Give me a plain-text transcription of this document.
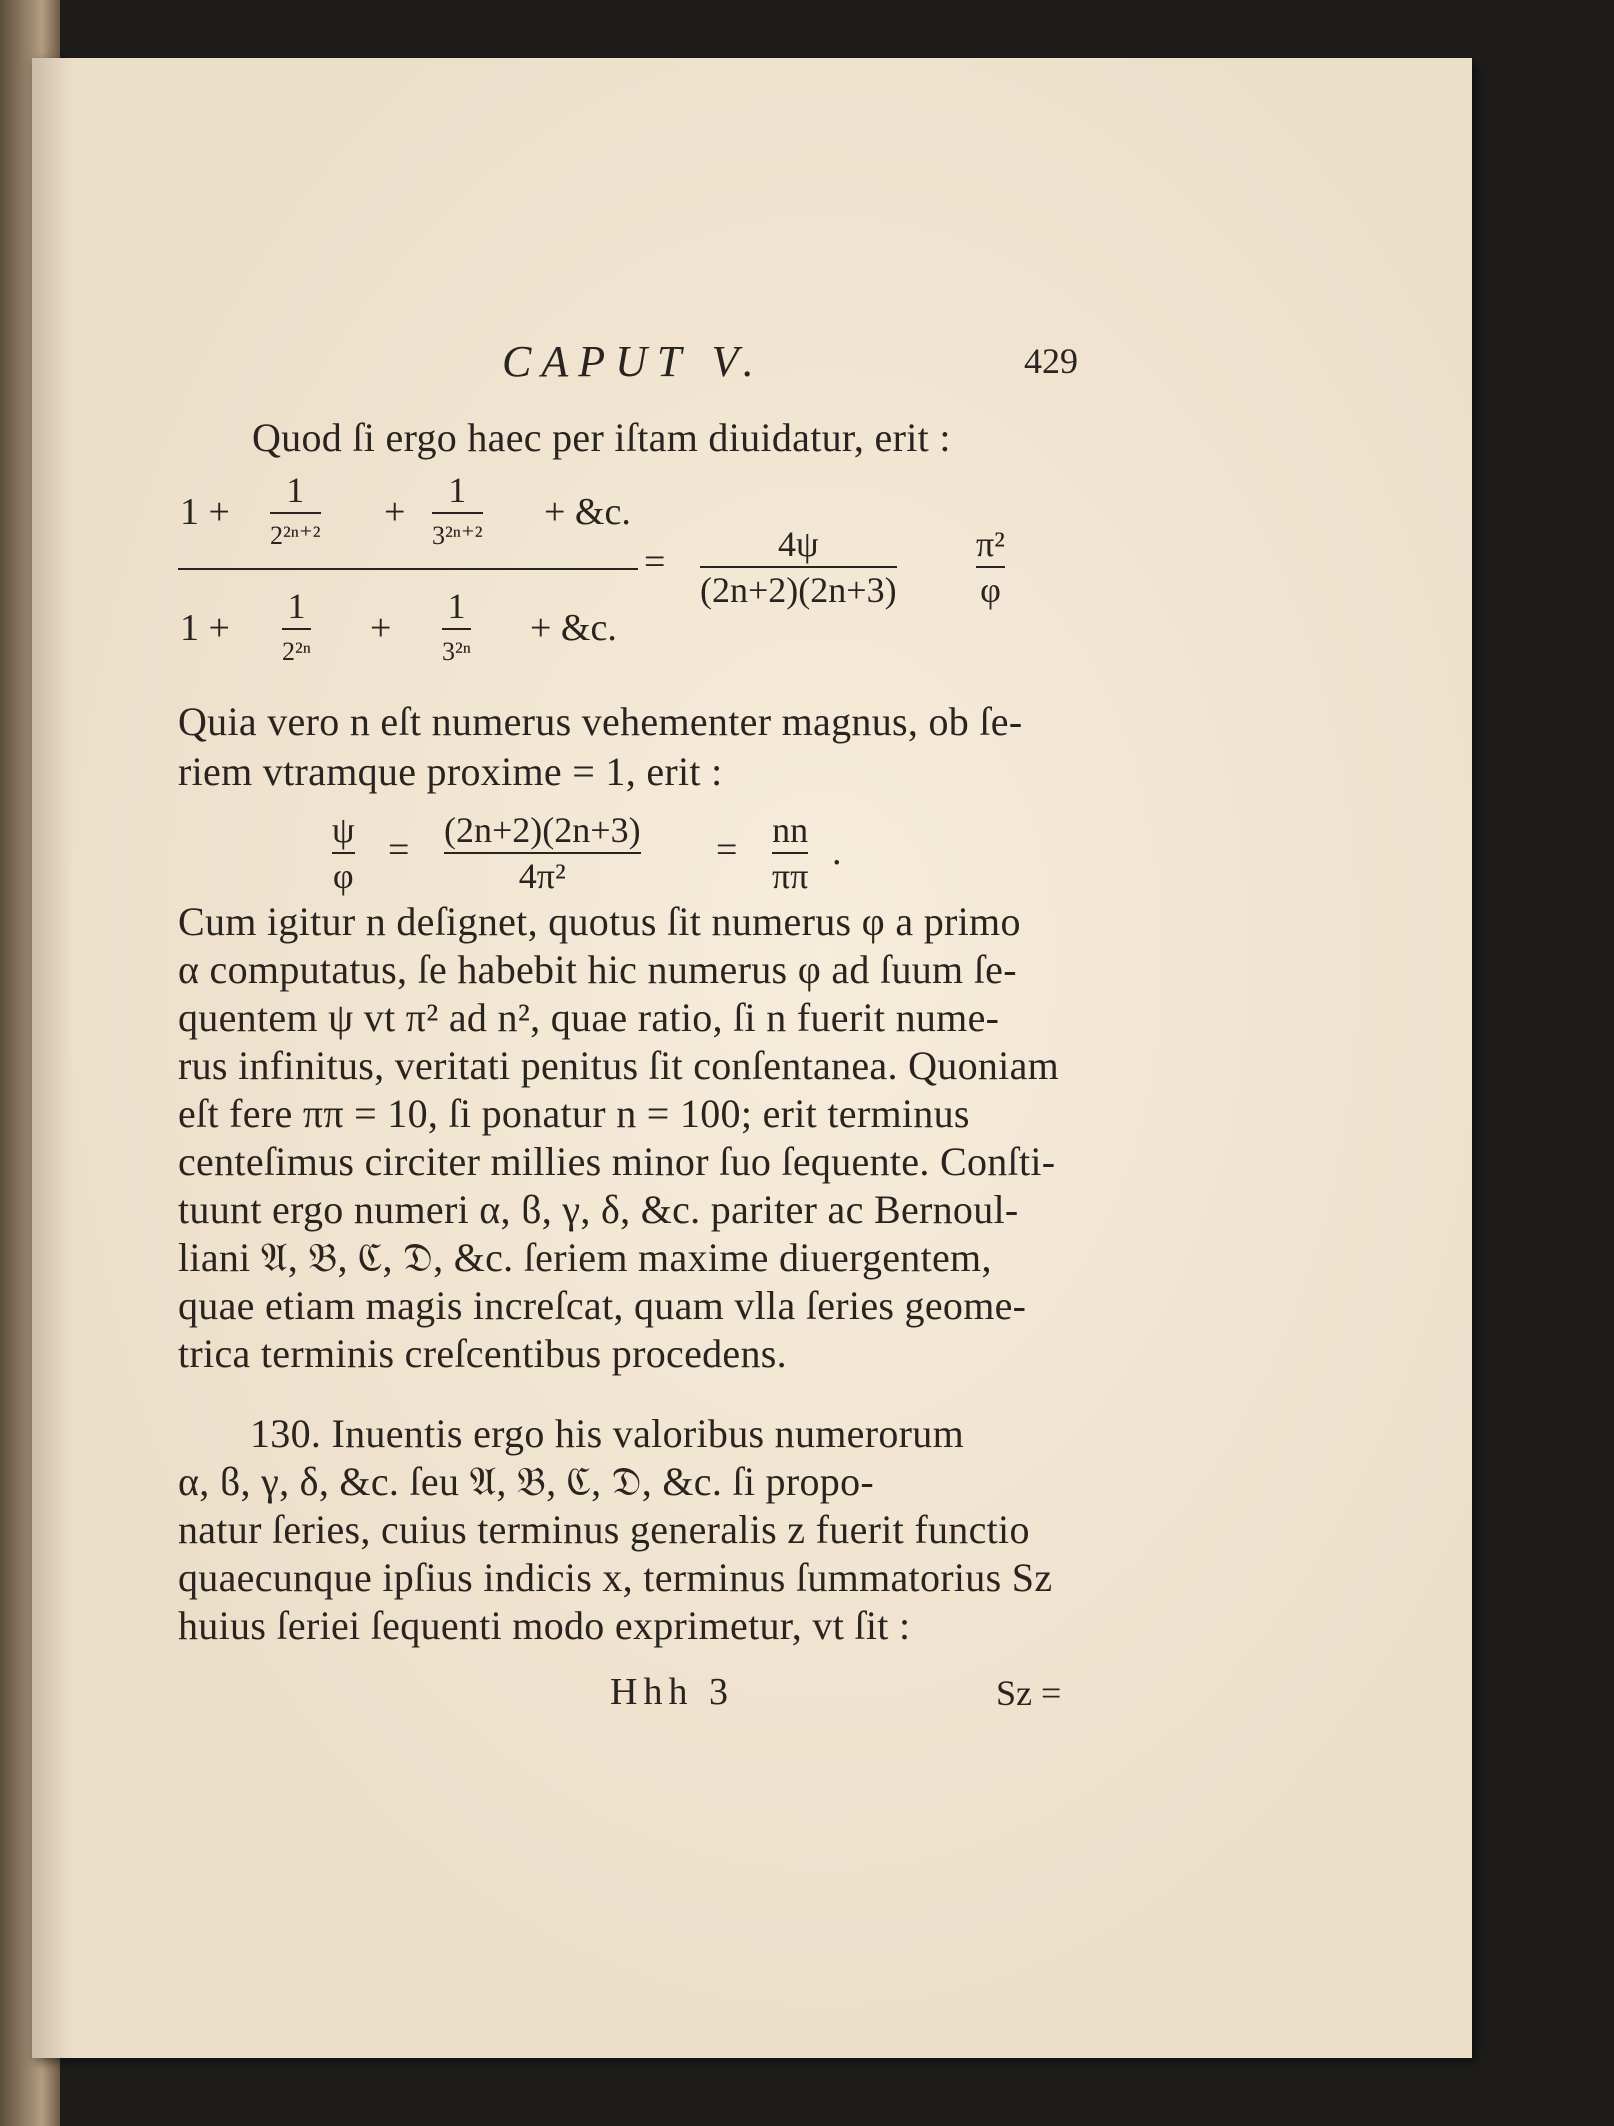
CAPUT V.	429
Quod ſi ergo haec per iſtam diuidatur, erit :
1 +
1
2²ⁿ⁺²
+
1
3²ⁿ⁺²
+ &c.
=	4ψ
(2n+2)(2n+3)
π²
φ
1 +
1
2²ⁿ
+
1
3²ⁿ
+ &c.
Quia vero n eſt numerus vehementer magnus, ob ſe-
riem vtramque proxime = 1, erit :
ψ
φ
= (2n+2)(2n+3)
4π²
= nn
ππ
.
Cum igitur n deſignet, quotus ſit numerus φ a primo
α computatus, ſe habebit hic numerus φ ad ſuum ſe-
quentem ψ vt π² ad n², quae ratio, ſi n fuerit nume-
rus infinitus, veritati penitus ſit conſentanea. Quoniam
eſt fere ππ = 10, ſi ponatur n = 100; erit terminus
centeſimus circiter millies minor ſuo ſequente. Conſti-
tuunt ergo numeri α, ϐ, γ, δ, &c. pariter ac Bernoul-
liani 𝔄, 𝔅, ℭ, 𝔇, &c. ſeriem maxime diuergentem,
quae etiam magis increſcat, quam vlla ſeries geome-
trica terminis creſcentibus procedens.
130. Inuentis ergo his valoribus numerorum
α, ϐ, γ, δ, &c. ſeu 𝔄, 𝔅, ℭ, 𝔇, &c. ſi propo-
natur ſeries, cuius terminus generalis z fuerit functio
quaecunque ipſius indicis x, terminus ſummatorius Sz
huius ſeriei ſequenti modo exprimetur, vt ſit :
Hhh 3	Sz =
